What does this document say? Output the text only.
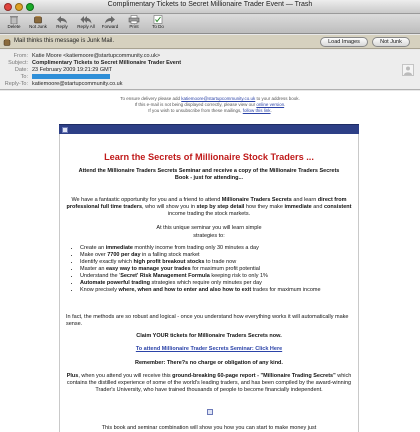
Complimentary Tickets to Secret Millionaire Trader Event — Trash
Delete	Not Junk	Reply	Reply All	Forward	Print	To Do
Mail thinks this message is Junk Mail.	Load Images	Not Junk
From: Katie Moore <katiemoore@startupcommunity.co.uk>
Subject: Complimentary Tickets to Secret Millionaire Trader Event
Date: 23 February 2009 19:21:29 GMT
To:
Reply-To: katiemoore@startupcommunity.co.uk
To ensure delivery please add katiemoore@startupcommunity.co.uk to your address book.
If this e-mail is not being displayed correctly, please view our online version.
If you wish to unsubscribe from these mailings, follow this link.
Learn the Secrets of Millionaire Stock Traders ...

Attend the Millionaire Traders Secrets Seminar and receive a copy of the Millionaire Traders Secrets Book - just for attending...

We have a fantastic opportunity for you and a friend to attend Millionaire Traders Secrets and learn direct from professional full time traders, who will show you in step by step detail how they make immediate and consistent income trading the stock markets.

At this unique seminar you will learn simple

strategies to:

• Create an immediate monthly income from trading only 30 minutes a day
• Make over 7700 per day in a falling stock market
• Identify exactly which high profit breakout stocks to trade now
• Master an easy way to manage your trades for maximum profit potential
• Understand the 'Secret' Risk Management Formula keeping risk to only 1%
• Automate powerful trading strategies which require only minutes per day
• Know precisely where, when and how to enter and also how to exit trades for maximum income

In fact, the methods are so robust and logical - once you understand how everything works it will automatically make sense.

Claim YOUR tickets for Millionaire Traders Secrets now.

To attend Millionaire Trader Secrets Seminar: Click Here

Remember: There?s no charge or obligation of any kind.

Plus, when you attend you will receive this ground-breaking 60-page report - "Millionaire Trading Secrets" which contains the distilled experience of some of the world's leading traders, and has been compiled by the award-winning Trader's University, who have trained thousands of people to become financially independent.

This book and seminar combination will show you how you can start to make money just
